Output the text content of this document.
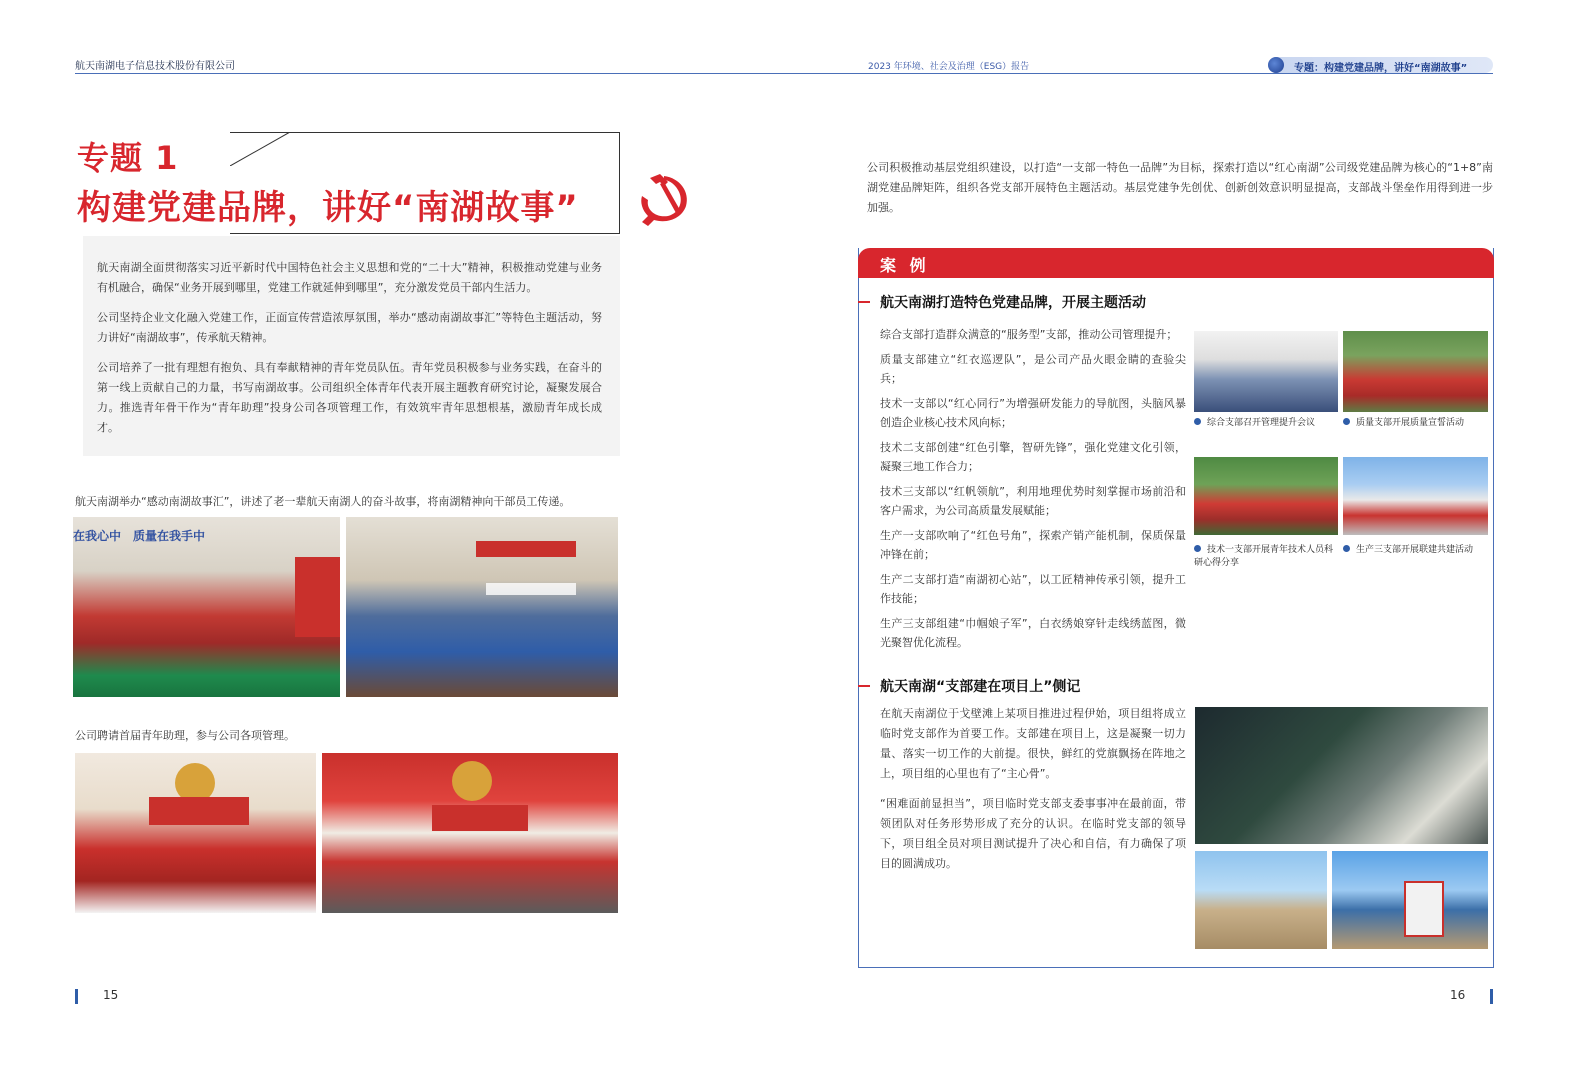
航天南湖电子信息技术股份有限公司	2023 年环境、社会及治理（ESG）报告	专题：构建党建品牌，讲好“南湖故事”
专题 1
构建党建品牌，讲好“南湖故事”

航天南湖全面贯彻落实习近平新时代中国特色社会主义思想和党的“二十大”精神，积极推动党建与业务有机融合，确保“业务开展到哪里，党建工作就延伸到哪里”，充分激发党员干部内生活力。

公司坚持企业文化融入党建工作，正面宣传营造浓厚氛围，举办“感动南湖故事汇”等特色主题活动，努力讲好“南湖故事”，传承航天精神。

公司培养了一批有理想有抱负、具有奉献精神的青年党员队伍。青年党员积极参与业务实践，在奋斗的第一线上贡献自己的力量，书写南湖故事。公司组织全体青年代表开展主题教育研究讨论，凝聚发展合力。推选青年骨干作为“青年助理”投身公司各项管理工作，有效筑牢青年思想根基，激励青年成长成才。

航天南湖举办“感动南湖故事汇”，讲述了老一辈航天南湖人的奋斗故事，将南湖精神向干部员工传递。
在我心中　质量在我手中
公司聘请首届青年助理，参与公司各项管理。
公司积极推动基层党组织建设，以打造“一支部一特色一品牌”为目标，探索打造以“红心南湖”公司级党建品牌为核心的“1+8”南湖党建品牌矩阵，组织各党支部开展特色主题活动。基层党建争先创优、创新创效意识明显提高，支部战斗堡垒作用得到进一步加强。
案 例
航天南湖打造特色党建品牌，开展主题活动

综合支部打造群众满意的“服务型”支部，推动公司管理提升；

质量支部建立“红衣巡逻队”，是公司产品火眼金睛的查验尖兵；

技术一支部以“红心同行”为增强研发能力的导航图，头脑风暴创造企业核心技术风向标；

技术二支部创建“红色引擎，智研先锋”，强化党建文化引领，凝聚三地工作合力；

技术三支部以“红帆领航”，利用地理优势时刻掌握市场前沿和客户需求，为公司高质量发展赋能；

生产一支部吹响了“红色号角”，探索产销产能机制，保质保量冲锋在前；

生产二支部打造“南湖初心站”，以工匠精神传承引领，提升工作技能；

生产三支部组建“巾帼娘子军”，白衣绣娘穿针走线绣蓝图，微光聚智优化流程。

综合支部召开管理提升会议	质量支部开展质量宣誓活动
技术一支部开展青年技术人员科研心得分享
生产三支部开展联建共建活动
航天南湖“支部建在项目上”侧记

在航天南湖位于戈壁滩上某项目推进过程伊始，项目组将成立临时党支部作为首要工作。支部建在项目上，这是凝聚一切力量、落实一切工作的大前提。很快，鲜红的党旗飘扬在阵地之上，项目组的心里也有了“主心骨”。

“困难面前显担当”，项目临时党支部支委事事冲在最前面，带领团队对任务形势形成了充分的认识。在临时党支部的领导下，项目组全员对项目测试提升了决心和自信，有力确保了项目的圆满成功。

15	16
